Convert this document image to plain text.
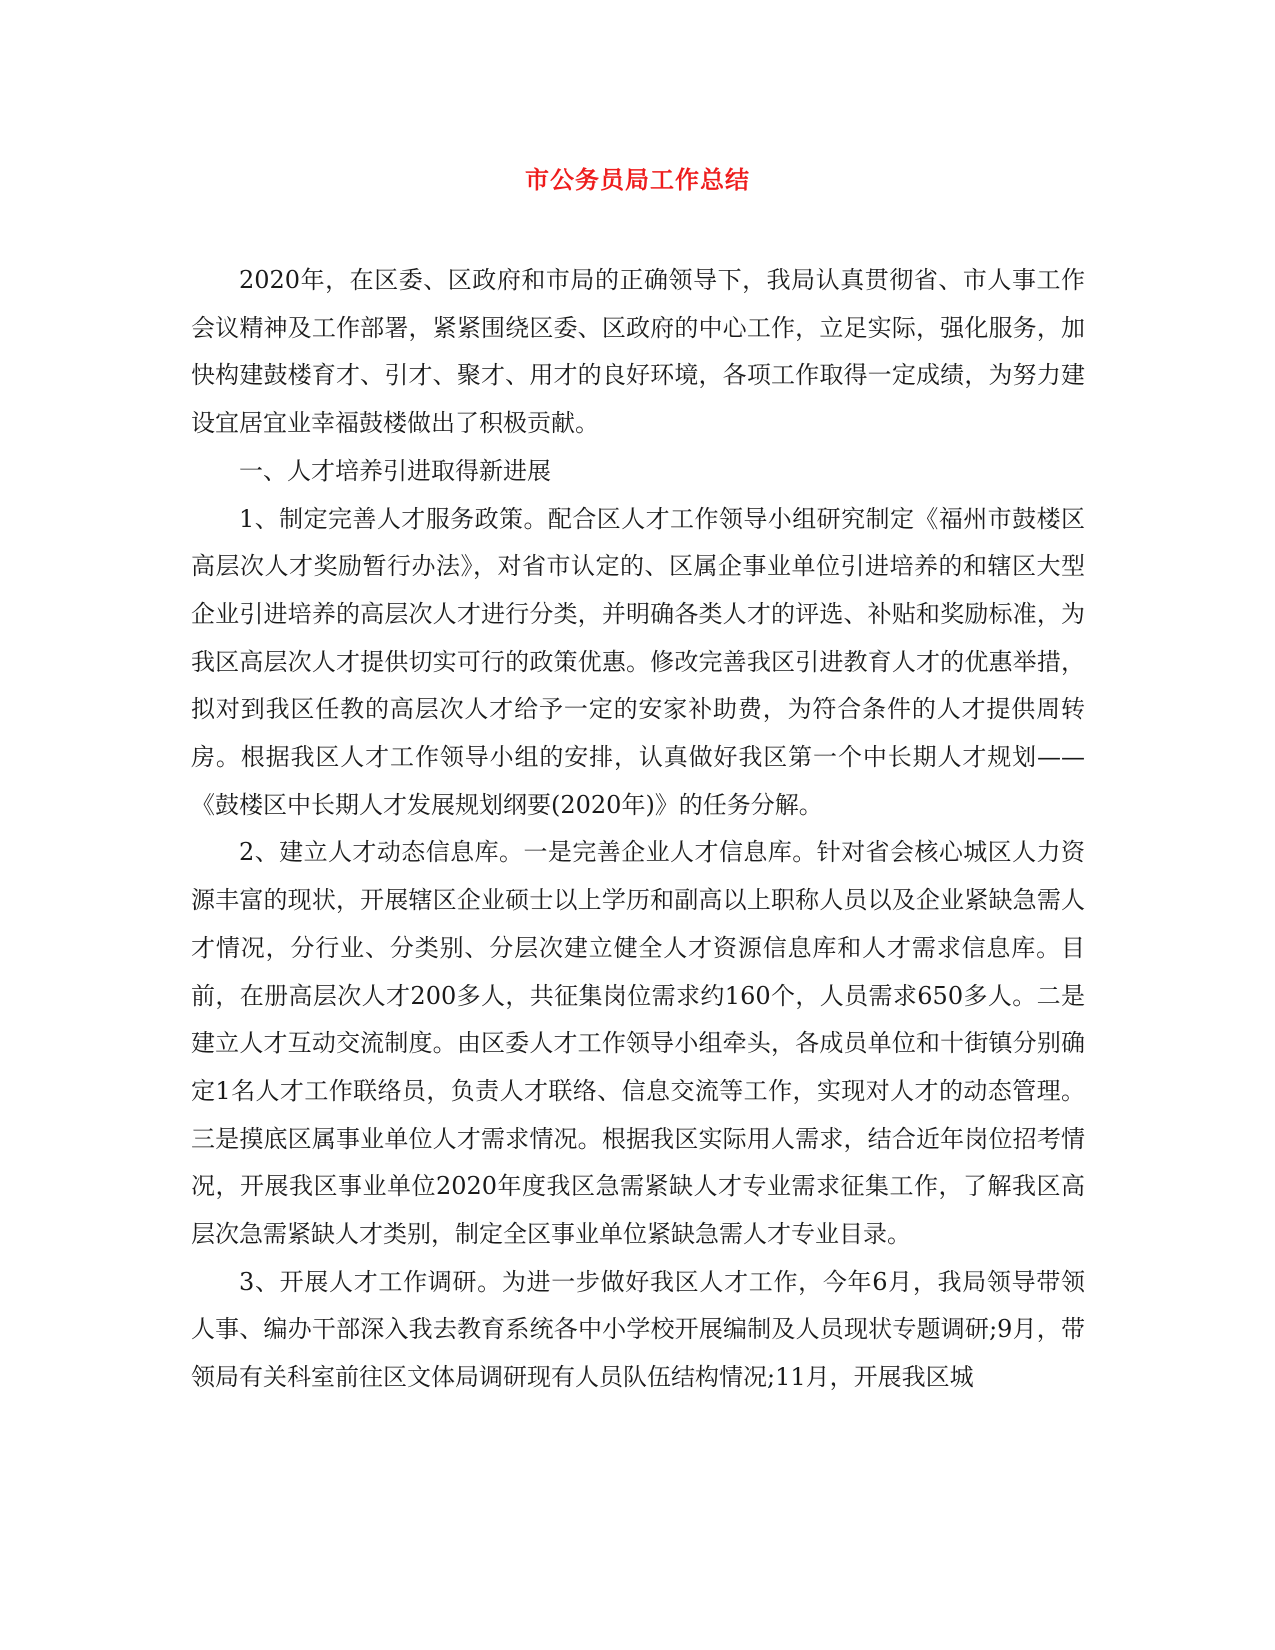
市公务员局工作总结

2020年，在区委、区政府和市局的正确领导下，我局认真贯彻省、市人事工作会议精神及工作部署，紧紧围绕区委、区政府的中心工作，立足实际，强化服务，加快构建鼓楼育才、引才、聚才、用才的良好环境，各项工作取得一定成绩，为努力建设宜居宜业幸福鼓楼做出了积极贡献。

一、人才培养引进取得新进展

1、制定完善人才服务政策。配合区人才工作领导小组研究制定《福州市鼓楼区高层次人才奖励暂行办法》，对省市认定的、区属企事业单位引进培养的和辖区大型企业引进培养的高层次人才进行分类，并明确各类人才的评选、补贴和奖励标准，为我区高层次人才提供切实可行的政策优惠。修改完善我区引进教育人才的优惠举措，拟对到我区任教的高层次人才给予一定的安家补助费，为符合条件的人才提供周转房。根据我区人才工作领导小组的安排，认真做好我区第一个中长期人才规划——《鼓楼区中长期人才发展规划纲要(2020年)》的任务分解。

2、建立人才动态信息库。一是完善企业人才信息库。针对省会核心城区人力资源丰富的现状，开展辖区企业硕士以上学历和副高以上职称人员以及企业紧缺急需人才情况，分行业、分类别、分层次建立健全人才资源信息库和人才需求信息库。目前，在册高层次人才200多人，共征集岗位需求约160个，人员需求650多人。二是建立人才互动交流制度。由区委人才工作领导小组牵头，各成员单位和十街镇分别确定1名人才工作联络员，负责人才联络、信息交流等工作，实现对人才的动态管理。三是摸底区属事业单位人才需求情况。根据我区实际用人需求，结合近年岗位招考情况，开展我区事业单位2020年度我区急需紧缺人才专业需求征集工作，了解我区高层次急需紧缺人才类别，制定全区事业单位紧缺急需人才专业目录。

3、开展人才工作调研。为进一步做好我区人才工作，今年6月，我局领导带领人事、编办干部深入我去教育系统各中小学校开展编制及人员现状专题调研;9月，带领局有关科室前往区文体局调研现有人员队伍结构情况;11月，开展我区城
